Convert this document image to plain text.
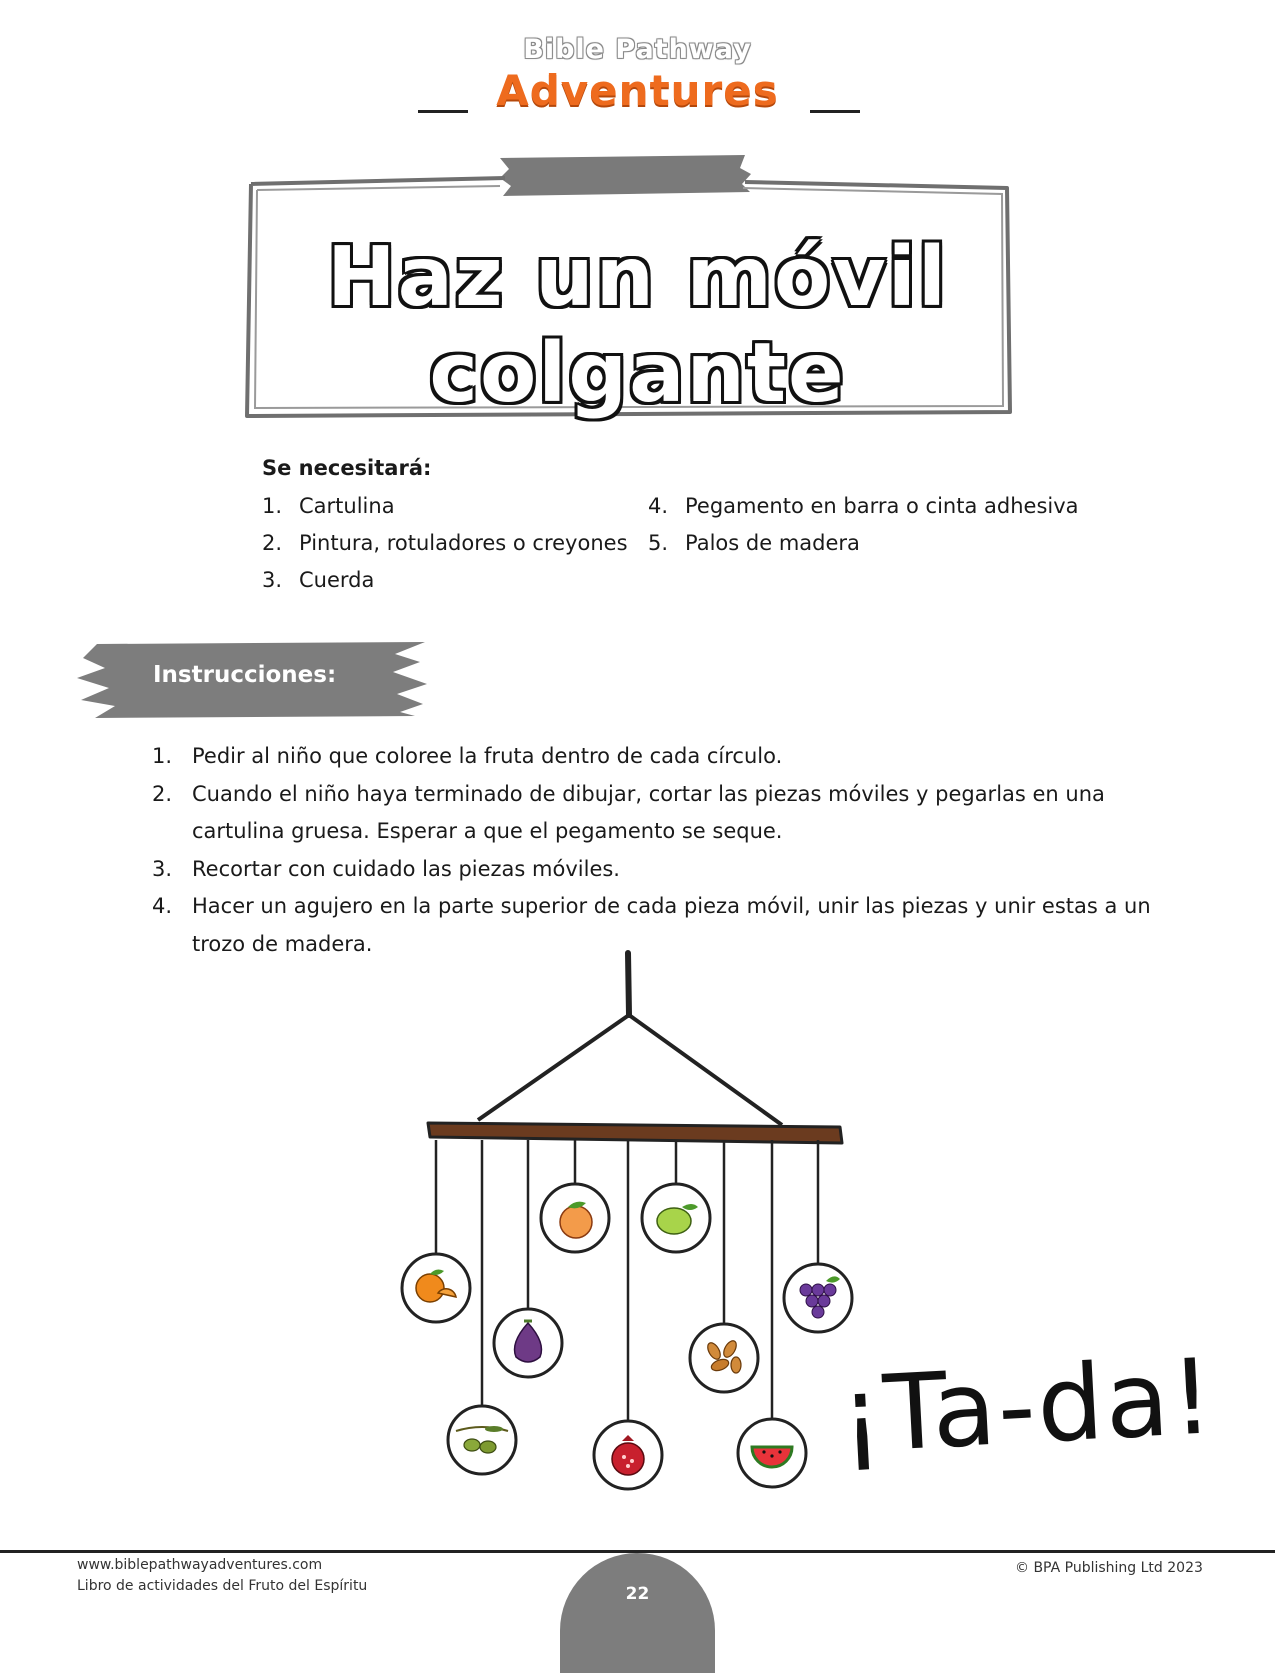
Bible Pathway
Adventures
Haz un móvil
colgante
Se necesitará:
1. Cartulina
2. Pintura, rotuladores o creyones
3. Cuerda
4. Pegamento en barra o cinta adhesiva
5. Palos de madera
Instrucciones:
1. Pedir al niño que coloree la fruta dentro de cada círculo.
2. Cuando el niño haya terminado de dibujar, cortar las piezas móviles y pegarlas en una cartulina gruesa. Esperar a que el pegamento se seque.
3. Recortar con cuidado las piezas móviles.
4. Hacer un agujero en la parte superior de cada pieza móvil, unir las piezas y unir estas a un trozo de madera.
¡Ta-da!
www.biblepathwayadventures.com
Libro de actividades del Fruto del Espíritu
© BPA Publishing Ltd 2023
22
